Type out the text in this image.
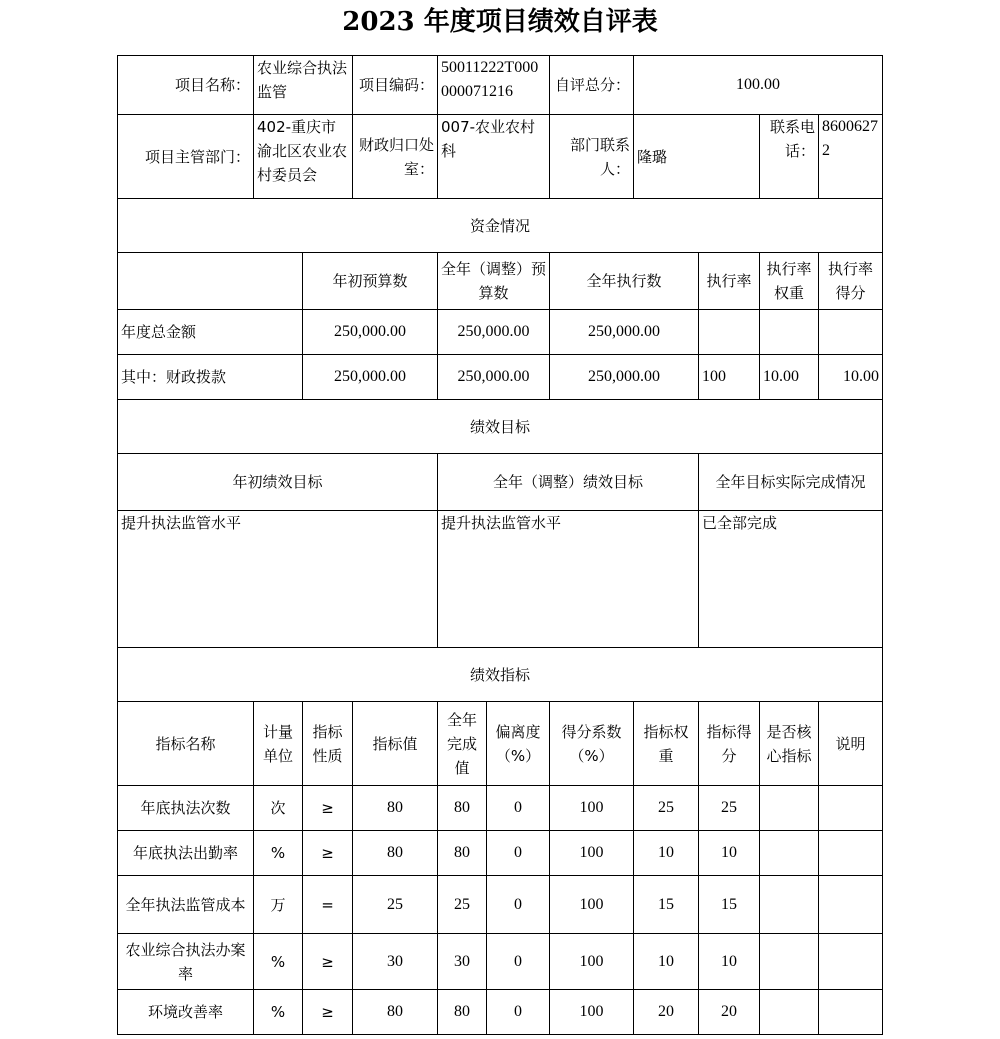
2023 年度项目绩效自评表
项目名称：	农业综合执法监管		项目编码：	50011222T000000071216		自评总分：	100.00			
项目主管部门：	402-重庆市渝北区农业农村委员会		财政归口处室：	007-农业农村科		部门联系人：	隆璐		联系电话：	86006272
资金情况										
		年初预算数		全年（调整）预算数		全年执行数		执行率	执行率权重	执行率得分
年度总金额		250,000.00		250,000.00		250,000.00				
其中：财政拨款		250,000.00		250,000.00		250,000.00		100	10.00	10.00
绩效目标										
年初绩效目标				全年（调整）绩效目标				全年目标实际完成情况		
提升执法监管水平				提升执法监管水平				已全部完成		
绩效指标										
指标名称	计量单位	指标性质	指标值	全年完成值	偏离度（%）	得分系数（%）	指标权重	指标得分	是否核心指标	说明
年底执法次数	次	≥	80	80	0	100	25	25		
年底执法出勤率	%	≥	80	80	0	100	10	10		
全年执法监管成本	万	=	25	25	0	100	15	15		
农业综合执法办案率	%	≥	30	30	0	100	10	10		
环境改善率	%	≥	80	80	0	100	20	20		
